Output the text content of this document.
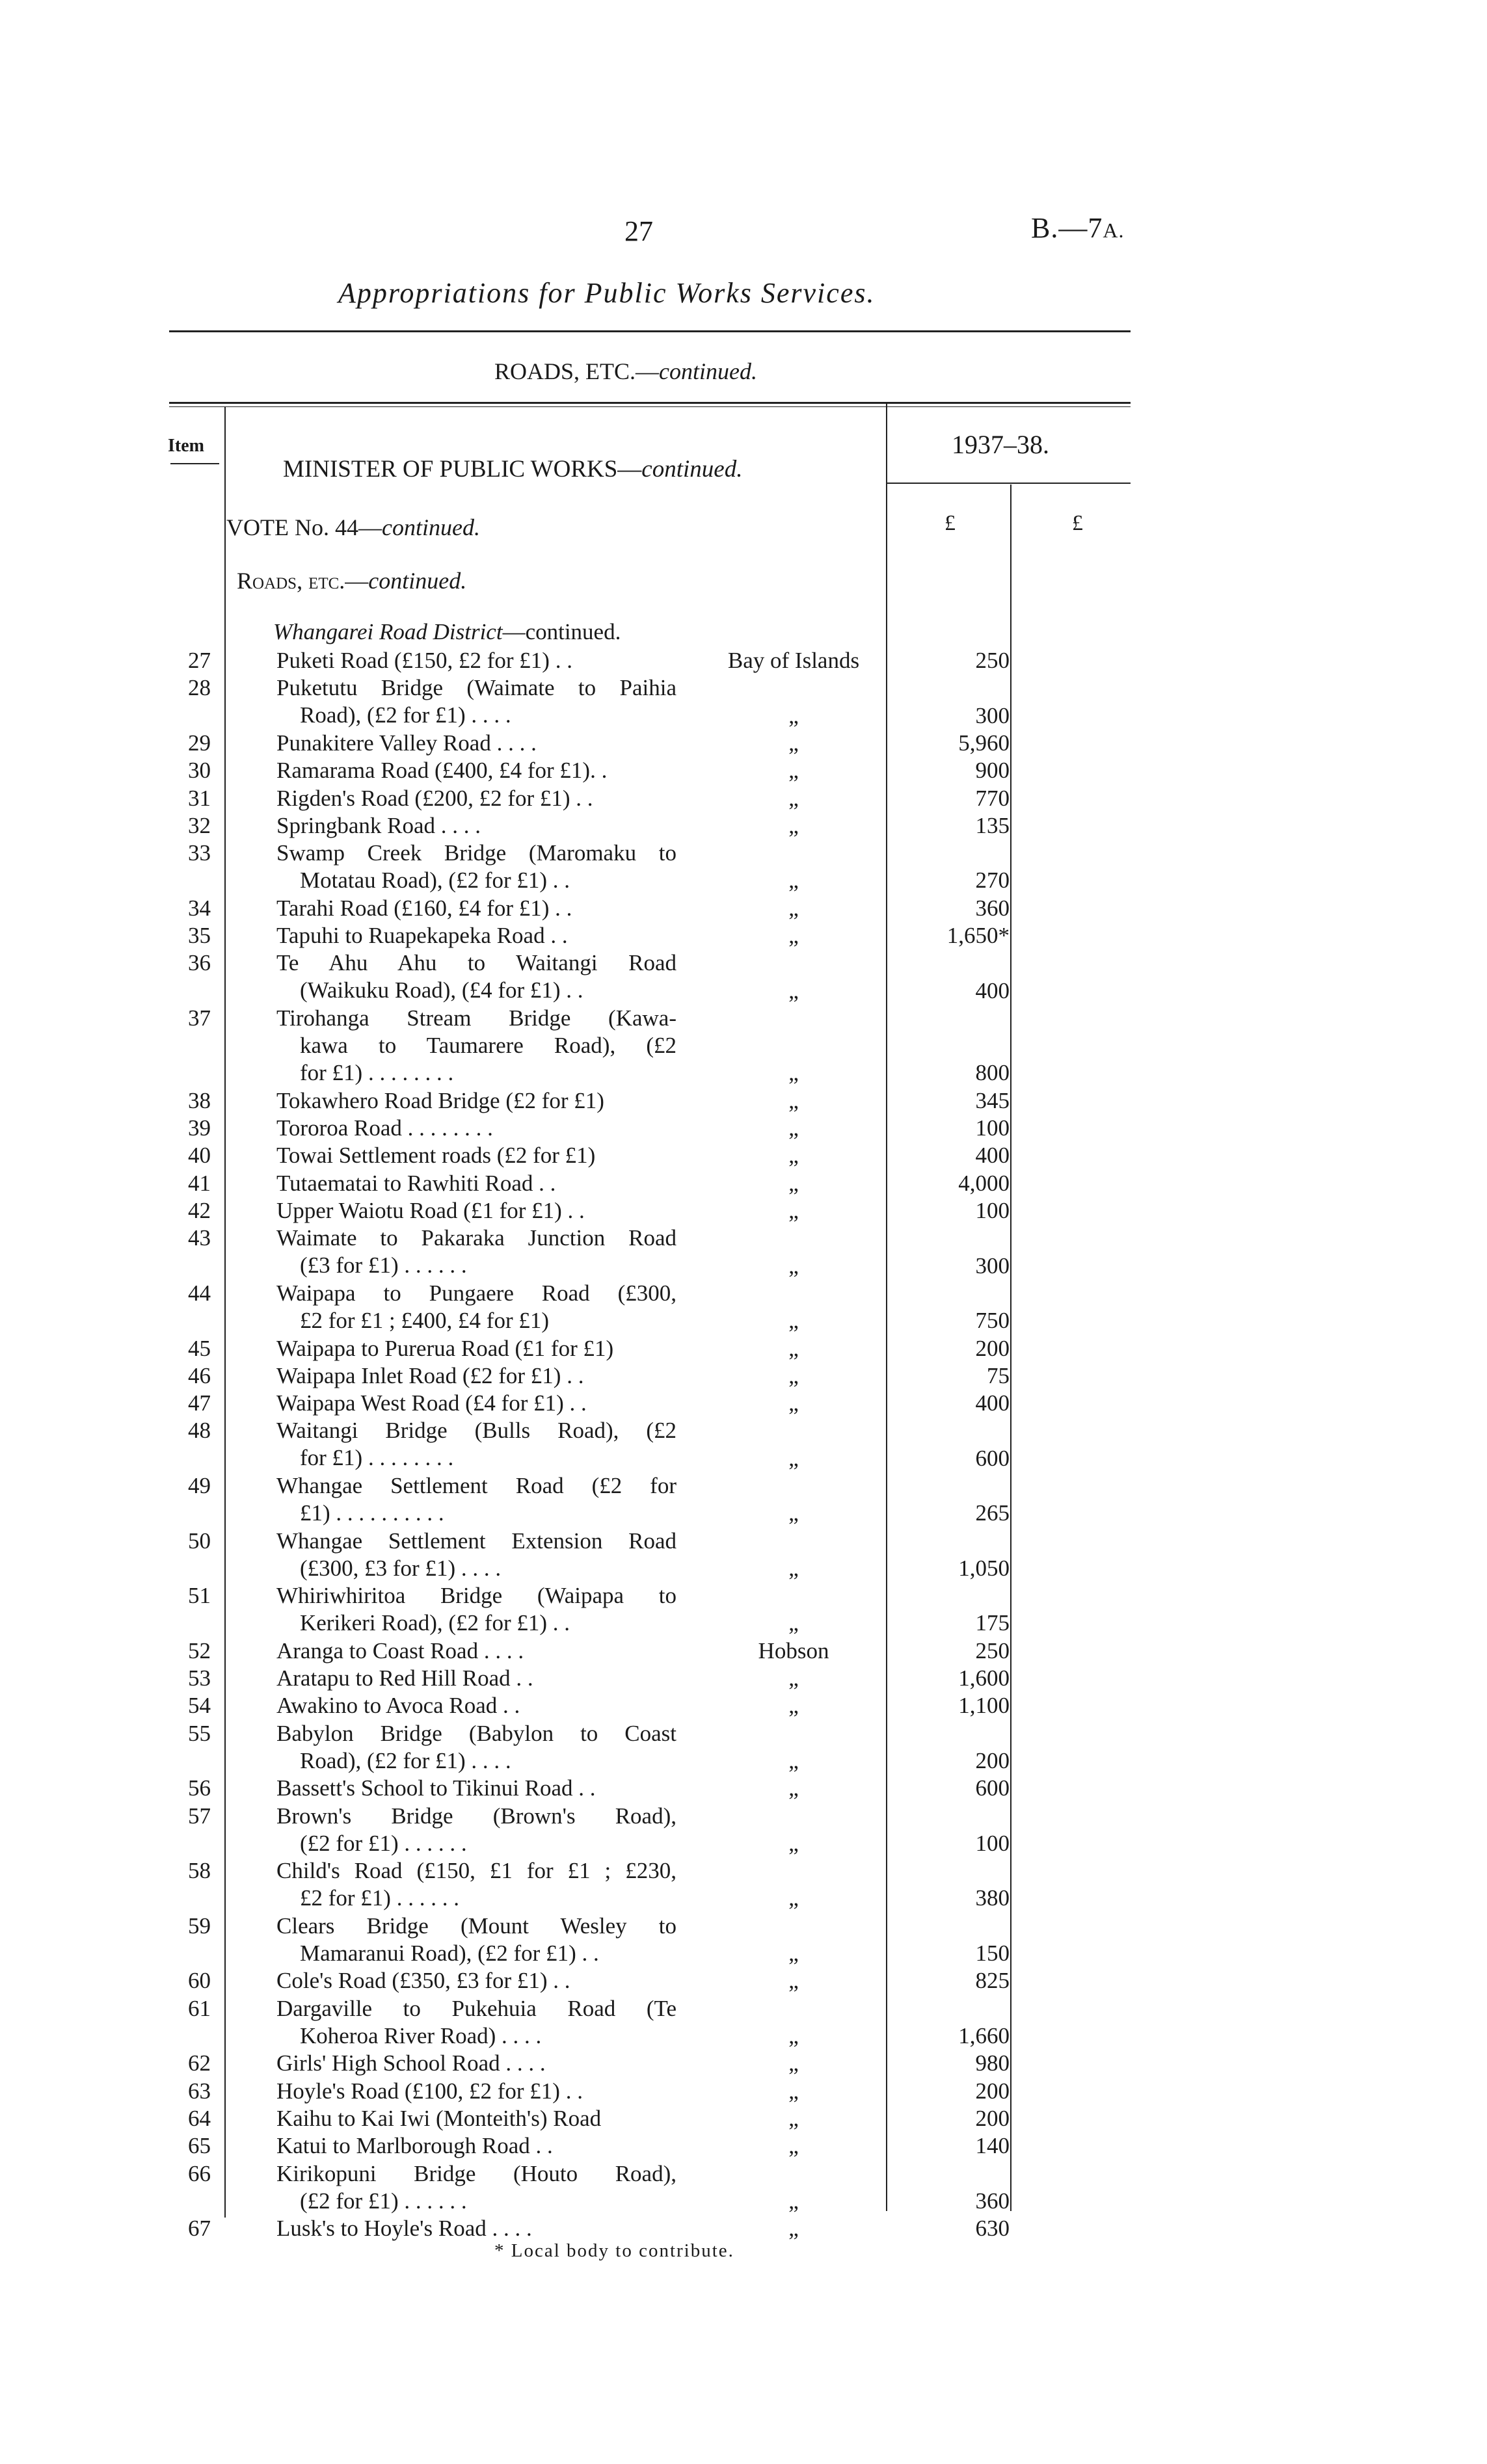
27	B.—7A.
Appropriations for Public Works Services.
ROADS, ETC.—continued.
Item	1937–38.
MINISTER OF PUBLIC WORKS—continued.
VOTE No. 44—continued.	£	£
Roads, etc.—continued.
Whangarei Road District—continued.
27	Puketi Road (£150, £2 for £1) . .	Bay of Islands	250
28	Puketutu Bridge (Waimate to Paihia
Road), (£2 for £1) . . . .	„	300
29	Punakitere Valley Road . . . .	„	5,960
30	Ramarama Road (£400, £4 for £1). .	„	900
31	Rigden's Road (£200, £2 for £1) . .	„	770
32	Springbank Road . . . .	„	135
33	Swamp Creek Bridge (Maromaku to
Motatau Road), (£2 for £1) . .	„	270
34	Tarahi Road (£160, £4 for £1) . .	„	360
35	Tapuhi to Ruapekapeka Road . .	„	1,650*
36	Te Ahu Ahu to Waitangi Road
(Waikuku Road), (£4 for £1) . .	„	400
37	Tirohanga Stream Bridge (Kawa-
kawa to Taumarere Road), (£2
for £1) . . . . . . . .	„	800
38	Tokawhero Road Bridge (£2 for £1)	„	345
39	Tororoa Road . . . . . . . .	„	100
40	Towai Settlement roads (£2 for £1)	„	400
41	Tutaematai to Rawhiti Road . .	„	4,000
42	Upper Waiotu Road (£1 for £1) . .	„	100
43	Waimate to Pakaraka Junction Road
(£3 for £1) . . . . . .	„	300
44	Waipapa to Pungaere Road (£300,
£2 for £1 ; £400, £4 for £1)	„	750
45	Waipapa to Purerua Road (£1 for £1)	„	200
46	Waipapa Inlet Road (£2 for £1) . .	„	75
47	Waipapa West Road (£4 for £1) . .	„	400
48	Waitangi Bridge (Bulls Road), (£2
for £1) . . . . . . . .	„	600
49	Whangae Settlement Road (£2 for
£1) . . . . . . . . . .	„	265
50	Whangae Settlement Extension Road
(£300, £3 for £1) . . . .	„	1,050
51	Whiriwhiritoa Bridge (Waipapa to
Kerikeri Road), (£2 for £1) . .	„	175
52	Aranga to Coast Road . . . .	Hobson	250
53	Aratapu to Red Hill Road . .	„	1,600
54	Awakino to Avoca Road . .	„	1,100
55	Babylon Bridge (Babylon to Coast
Road), (£2 for £1) . . . .	„	200
56	Bassett's School to Tikinui Road . .	„	600
57	Brown's Bridge (Brown's Road),
(£2 for £1) . . . . . .	„	100
58	Child's Road (£150, £1 for £1 ; £230,
£2 for £1) . . . . . .	„	380
59	Clears Bridge (Mount Wesley to
Mamaranui Road), (£2 for £1) . .	„	150
60	Cole's Road (£350, £3 for £1) . .	„	825
61	Dargaville to Pukehuia Road (Te
Koheroa River Road) . . . .	„	1,660
62	Girls' High School Road . . . .	„	980
63	Hoyle's Road (£100, £2 for £1) . .	„	200
64	Kaihu to Kai Iwi (Monteith's) Road	„	200
65	Katui to Marlborough Road . .	„	140
66	Kirikopuni Bridge (Houto Road),
(£2 for £1) . . . . . .	„	360
67	Lusk's to Hoyle's Road . . . .	„	630
* Local body to contribute.
